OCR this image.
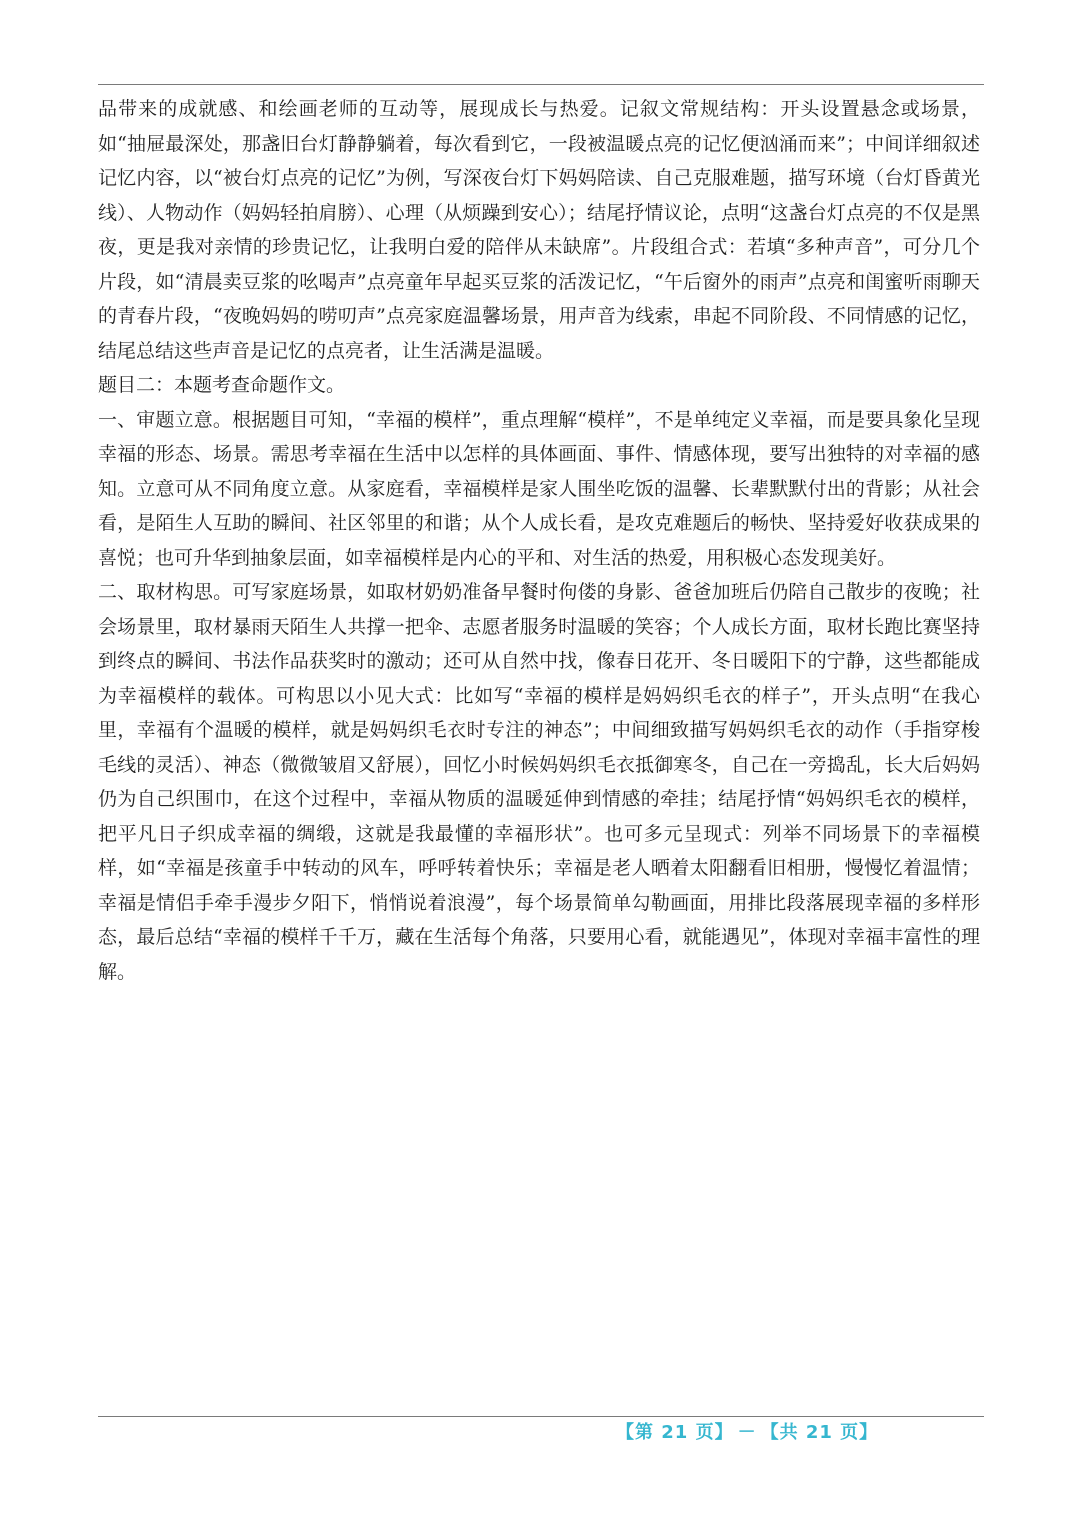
品带来的成就感、和绘画老师的互动等，展现成长与热爱。记叙文常规结构：开头设置悬念或场景，如“抽屉最深处，那盏旧台灯静静躺着，每次看到它，一段被温暖点亮的记忆便汹涌而来”；中间详细叙述记忆内容，以“被台灯点亮的记忆”为例，写深夜台灯下妈妈陪读、自己克服难题，描写环境（台灯昏黄光线）、人物动作（妈妈轻拍肩膀）、心理（从烦躁到安心）；结尾抒情议论，点明“这盏台灯点亮的不仅是黑夜，更是我对亲情的珍贵记忆，让我明白爱的陪伴从未缺席”。片段组合式：若填“多种声音”，可分几个片段，如“清晨卖豆浆的吆喝声”点亮童年早起买豆浆的活泼记忆，“午后窗外的雨声”点亮和闺蜜听雨聊天的青春片段，“夜晚妈妈的唠叨声”点亮家庭温馨场景，用声音为线索，串起不同阶段、不同情感的记忆，结尾总结这些声音是记忆的点亮者，让生活满是温暖。

题目二：本题考查命题作文。

一、审题立意。根据题目可知，“幸福的模样”，重点理解“模样”，不是单纯定义幸福，而是要具象化呈现幸福的形态、场景。需思考幸福在生活中以怎样的具体画面、事件、情感体现，要写出独特的对幸福的感知。立意可从不同角度立意。从家庭看，幸福模样是家人围坐吃饭的温馨、长辈默默付出的背影；从社会看，是陌生人互助的瞬间、社区邻里的和谐；从个人成长看，是攻克难题后的畅快、坚持爱好收获成果的喜悦；也可升华到抽象层面，如幸福模样是内心的平和、对生活的热爱，用积极心态发现美好。

二、取材构思。可写家庭场景，如取材奶奶准备早餐时佝偻的身影、爸爸加班后仍陪自己散步的夜晚；社会场景里，取材暴雨天陌生人共撑一把伞、志愿者服务时温暖的笑容；个人成长方面，取材长跑比赛坚持到终点的瞬间、书法作品获奖时的激动；还可从自然中找，像春日花开、冬日暖阳下的宁静，这些都能成为幸福模样的载体。可构思以小见大式：比如写“幸福的模样是妈妈织毛衣的样子”，开头点明“在我心里，幸福有个温暖的模样，就是妈妈织毛衣时专注的神态”；中间细致描写妈妈织毛衣的动作（手指穿梭毛线的灵活）、神态（微微皱眉又舒展），回忆小时候妈妈织毛衣抵御寒冬，自己在一旁捣乱，长大后妈妈仍为自己织围巾，在这个过程中，幸福从物质的温暖延伸到情感的牵挂；结尾抒情“妈妈织毛衣的模样，把平凡日子织成幸福的绸缎，这就是我最懂的幸福形状”。也可多元呈现式：列举不同场景下的幸福模样，如“幸福是孩童手中转动的风车，呼呼转着快乐；幸福是老人晒着太阳翻看旧相册，慢慢忆着温情；幸福是情侣手牵手漫步夕阳下，悄悄说着浪漫”，每个场景简单勾勒画面，用排比段落展现幸福的多样形态，最后总结“幸福的模样千千万，藏在生活每个角落，只要用心看，就能遇见”，体现对幸福丰富性的理解。

【第 21 页】 － 【共 21 页】
